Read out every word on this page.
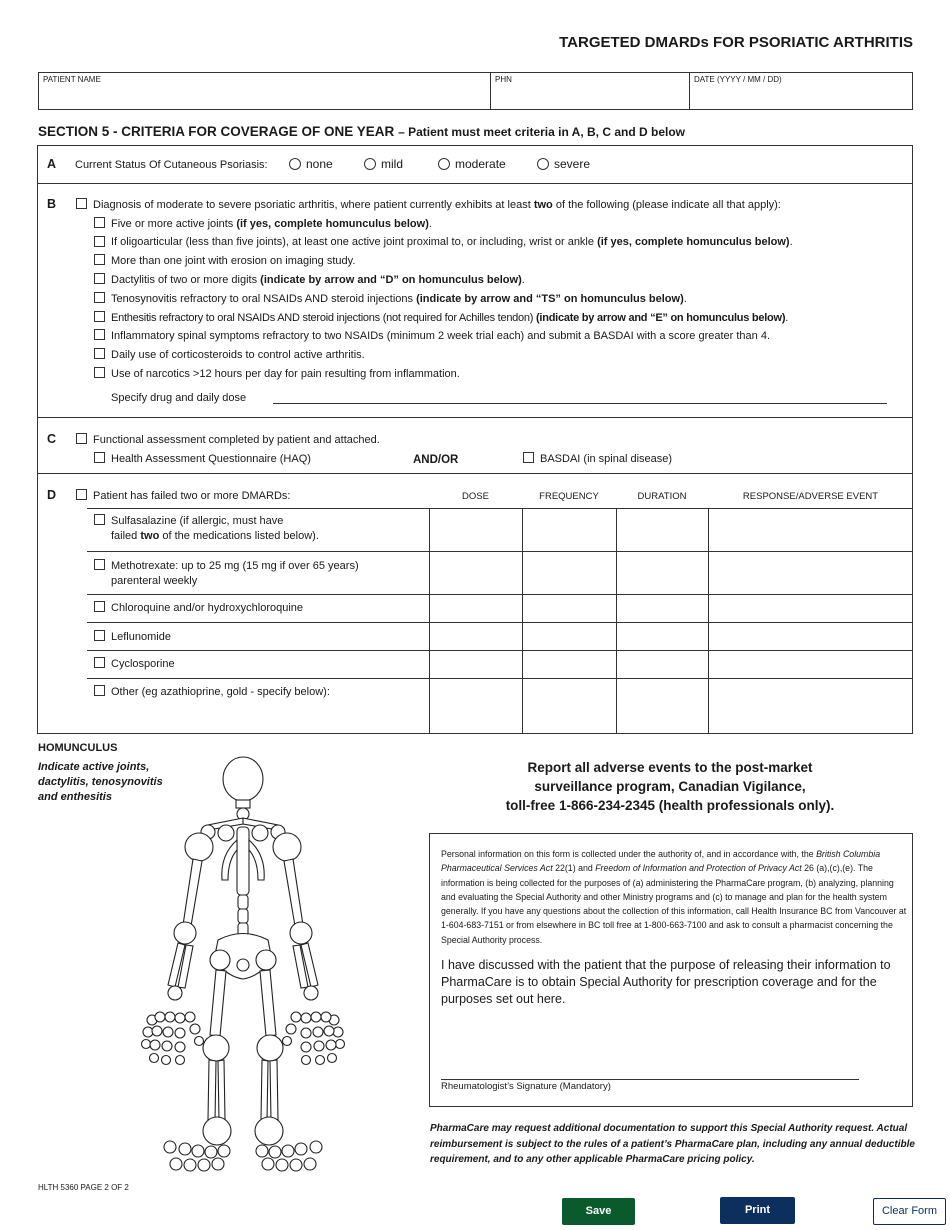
TARGETED DMARDs FOR PSORIATIC ARTHRITIS
PATIENT NAME	PHN	DATE (YYYY / MM / DD)
SECTION 5 - CRITERIA FOR COVERAGE OF ONE YEAR – Patient must meet criteria in A, B, C and D below
A Current Status Of Cutaneous Psoriasis:	none	mild	moderate	severe
B	Diagnosis of moderate to severe psoriatic arthritis, where patient currently exhibits at least two of the following (please indicate all that apply):
Five or more active joints (if yes, complete homunculus below).
If oligoarticular (less than five joints), at least one active joint proximal to, or including, wrist or ankle (if yes, complete homunculus below).
More than one joint with erosion on imaging study.
Dactylitis of two or more digits (indicate by arrow and “D” on homunculus below).
Tenosynovitis refractory to oral NSAIDs AND steroid injections (indicate by arrow and “TS” on homunculus below).
Enthesitis refractory to oral NSAIDs AND steroid injections (not required for Achilles tendon) (indicate by arrow and “E” on homunculus below).
Inflammatory spinal symptoms refractory to two NSAIDs (minimum 2 week trial each) and submit a BASDAI with a score greater than 4.
Daily use of corticosteroids to control active arthritis.
Use of narcotics >12 hours per day for pain resulting from inflammation.
Specify drug and daily dose
C	Functional assessment completed by patient and attached.
Health Assessment Questionnaire (HAQ)	AND/OR	BASDAI (in spinal disease)
D	Patient has failed two or more DMARDs:	DOSE	FREQUENCY	DURATION	RESPONSE/ADVERSE EVENT
Sulfasalazine (if allergic, must have
failed two of the medications listed below).
Methotrexate: up to 25 mg (15 mg if over 65 years)
parenteral weekly
Chloroquine and/or hydroxychloroquine
Leflunomide
Cyclosporine
Other (eg azathioprine, gold - specify below):
HOMUNCULUS
Indicate active joints, dactylitis, tenosynovitis and enthesitis
Report all adverse events to the post-market
surveillance program, Canadian Vigilance,
toll-free 1-866-234-2345 (health professionals only).
Personal information on this form is collected under the authority of, and in accordance with, the British Columbia Pharmaceutical Services Act 22(1) and Freedom of Information and Protection of Privacy Act 26 (a),(c),(e). The information is being collected for the purposes of (a) administering the PharmaCare program, (b) analyzing, planning and evaluating the Special Authority and other Ministry programs and (c) to manage and plan for the health system generally. If you have any questions about the collection of this information, call Health Insurance BC from Vancouver at 1-604-683-7151 or from elsewhere in BC toll free at 1-800-663-7100 and ask to consult a pharmacist concerning the Special Authority process.
I have discussed with the patient that the purpose of releasing their information to PharmaCare is to obtain Special Authority for prescription coverage and for the purposes set out here.
Rheumatologist’s Signature (Mandatory)
PharmaCare may request additional documentation to support this Special Authority request. Actual reimbursement is subject to the rules of a patient’s PharmaCare plan, including any annual deductible requirement, and to any other applicable PharmaCare pricing policy.
HLTH 5360 PAGE 2 OF 2
Save	Print	Clear Form
